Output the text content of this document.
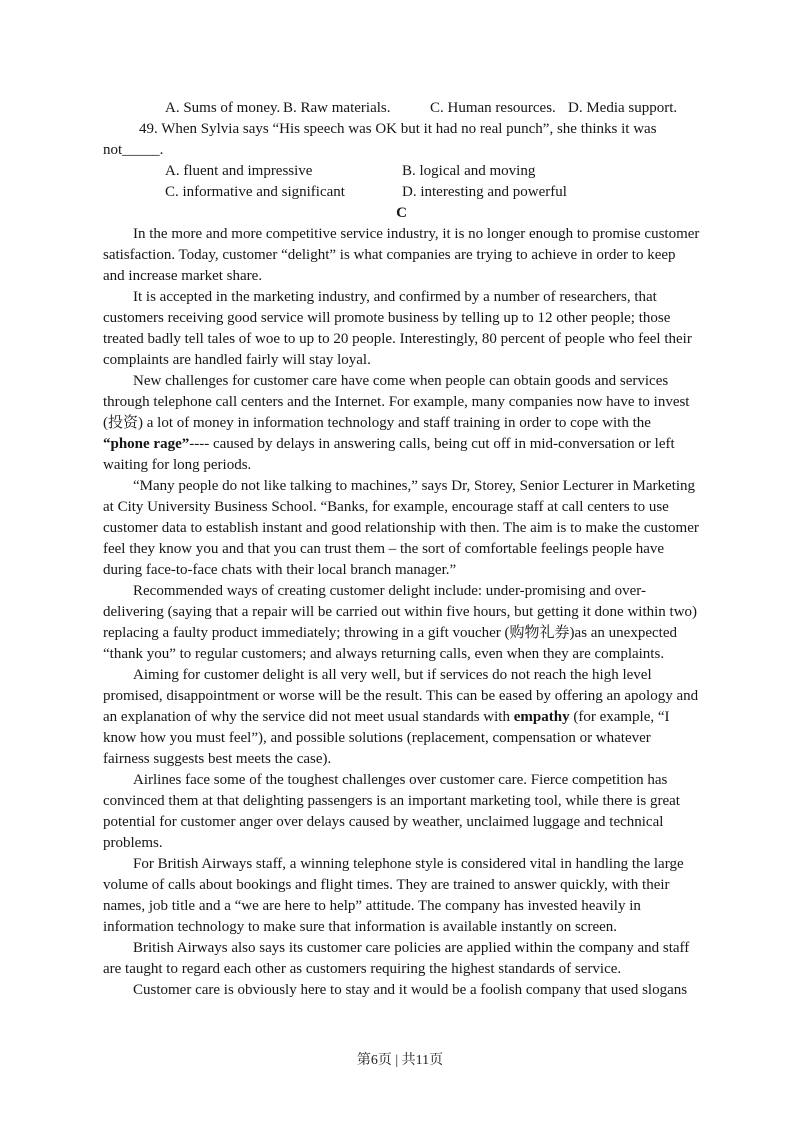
A. Sums of money. B. Raw materials.	C. Human resources. D. Media support.
49. When Sylvia says “His speech was OK but it had no real punch”, she thinks it was
not_____.
A. fluent and impressive	B. logical and moving
C. informative and significant	D. interesting and powerful
C

In the more and more competitive service industry, it is no longer enough to promise customer satisfaction. Today, customer “delight” is what companies are trying to achieve in order to keep and increase market share.

It is accepted in the marketing industry, and confirmed by a number of researchers, that customers receiving good service will promote business by telling up to 12 other people; those treated badly tell tales of woe to up to 20 people. Interestingly, 80 percent of people who feel their complaints are handled fairly will stay loyal.

New challenges for customer care have come when people can obtain goods and services through telephone call centers and the Internet. For example, many companies now have to invest (投资) a lot of money in information technology and staff training in order to cope with the “phone rage”---- caused by delays in answering calls, being cut off in mid-conversation or left waiting for long periods.

“Many people do not like talking to machines,” says Dr, Storey, Senior Lecturer in Marketing at City University Business School. “Banks, for example, encourage staff at call centers to use customer data to establish instant and good relationship with then. The aim is to make the customer feel they know you and that you can trust them – the sort of comfortable feelings people have during face-to-face chats with their local branch manager.”

Recommended ways of creating customer delight include: under-promising and over-delivering (saying that a repair will be carried out within five hours, but getting it done within two) replacing a faulty product immediately; throwing in a gift voucher (购物礼券)as an unexpected “thank you” to regular customers; and always returning calls, even when they are complaints.

Aiming for customer delight is all very well, but if services do not reach the high level promised, disappointment or worse will be the result. This can be eased by offering an apology and an explanation of why the service did not meet usual standards with empathy (for example, “I know how you must feel”), and possible solutions (replacement, compensation or whatever fairness suggests best meets the case).

Airlines face some of the toughest challenges over customer care. Fierce competition has convinced them at that delighting passengers is an important marketing tool, while there is great potential for customer anger over delays caused by weather, unclaimed luggage and technical problems.

For British Airways staff, a winning telephone style is considered vital in handling the large volume of calls about bookings and flight times. They are trained to answer quickly, with their names, job title and a “we are here to help” attitude. The company has invested heavily in information technology to make sure that information is available instantly on screen.

British Airways also says its customer care policies are applied within the company and staff are taught to regard each other as customers requiring the highest standards of service.

Customer care is obviously here to stay and it would be a foolish company that used slogans

第6页 | 共11页
